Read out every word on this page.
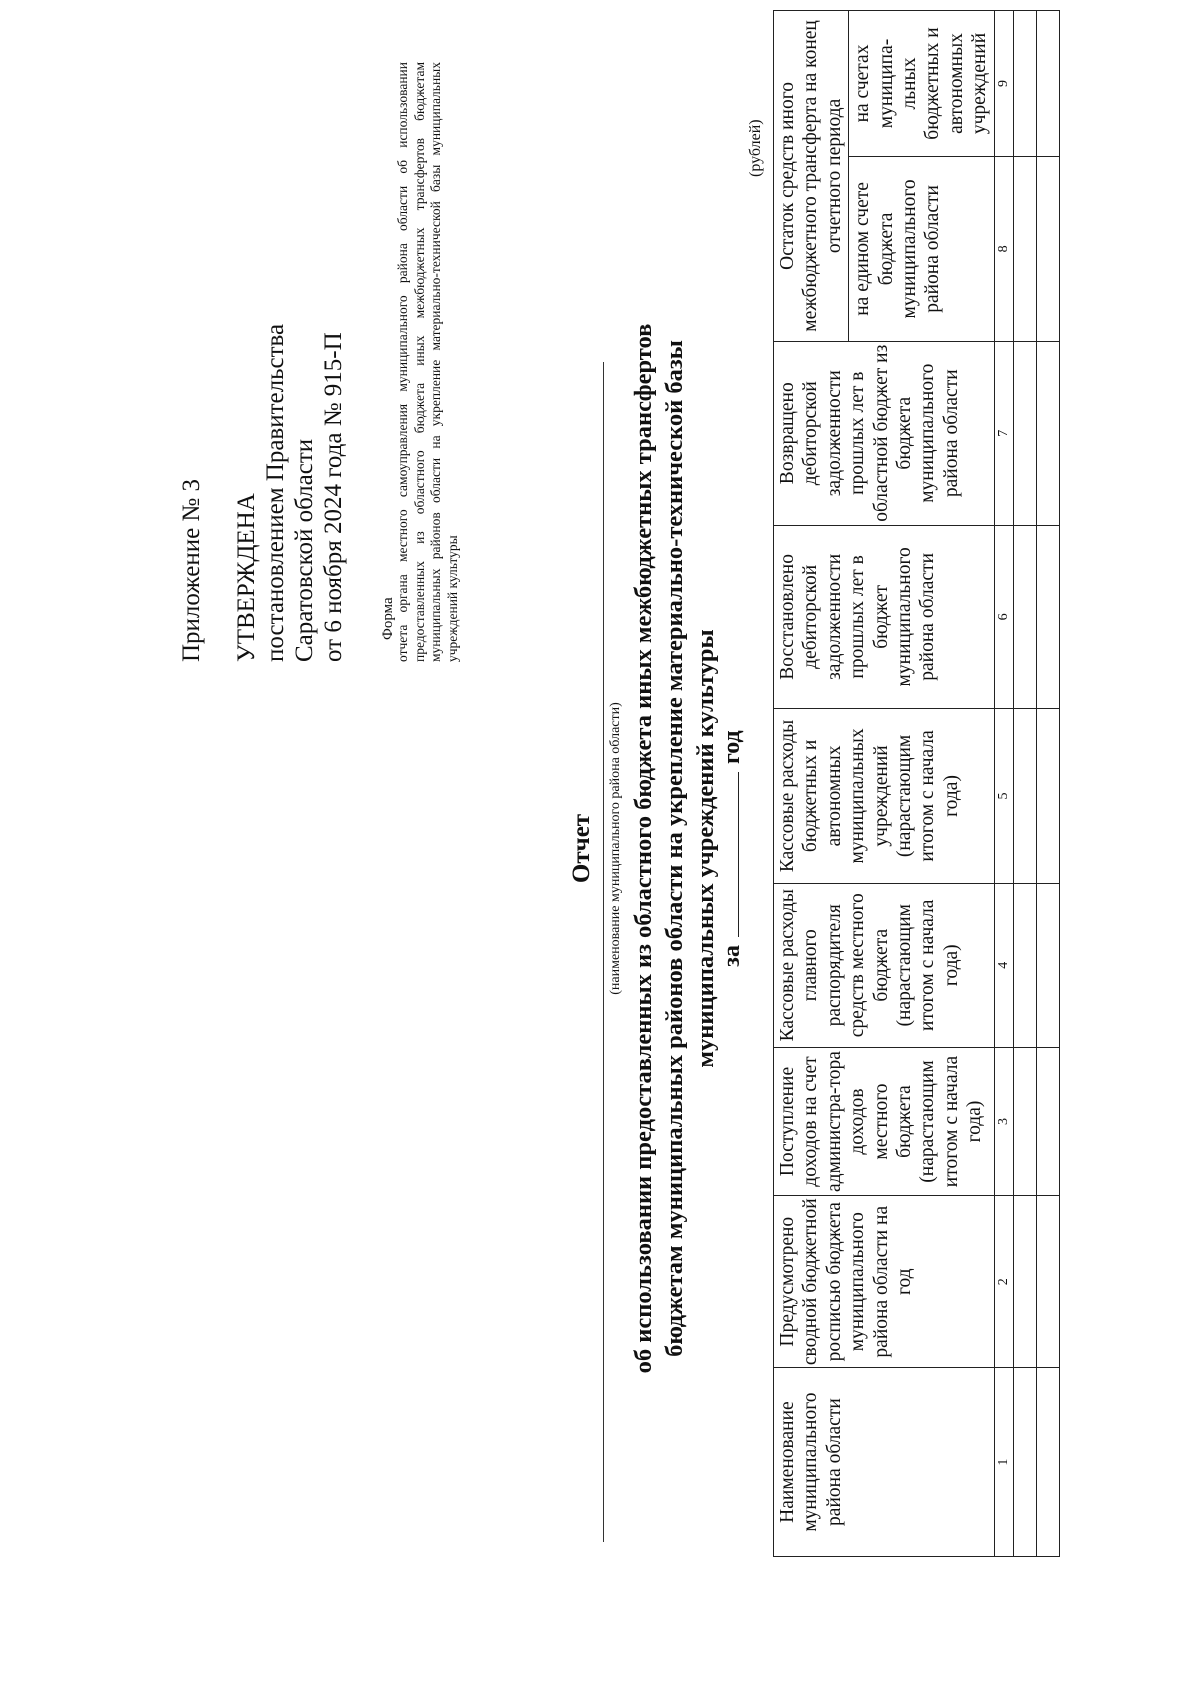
Приложение № 3 УТВЕРЖДЕНА постановлением Правительства Саратовской области от 6 ноября 2024 года № 915-П Форма отчета органа местного самоуправления муниципального района области об использовании предоставленных из областного бюджета иных межбюджетных трансфертов бюджетам муниципальных районов области на укрепление материально-технической базы муниципальных учреждений культуры
Отчет (наименование муниципального района области) об использовании предоставленных из областного бюджета иных межбюджетных трансфертов бюджетам муниципальных районов области на укрепление материально-технической базы муниципальных учреждений культуры загод
(рублей)
Наименование муниципального района области	Предусмотрено сводной бюджетной росписью бюджета муниципального района области на год	Поступление доходов на счет администра-тора доходов местного бюджета (нарастающим итогом с начала года)	Кассовые расходы главного распорядителя средств местного бюджета (нарастающим итогом с начала года)	Кассовые расходы бюджетных и автономных муниципальных учреждений (нарастающим итогом с начала года)	Восстановлено дебиторской задолженности прошлых лет в бюджет муниципального района области	Возвращено дебиторской задолженности прошлых лет в областной бюджет из бюджета муниципального района области	Остаток средств иного межбюджетного трансферта на конец отчетного периода	
							на едином счете бюджета муниципального района области	на счетах муниципа-льных бюджетных и автономных учреждений
1	2	3	4	5	6	7	8	9
